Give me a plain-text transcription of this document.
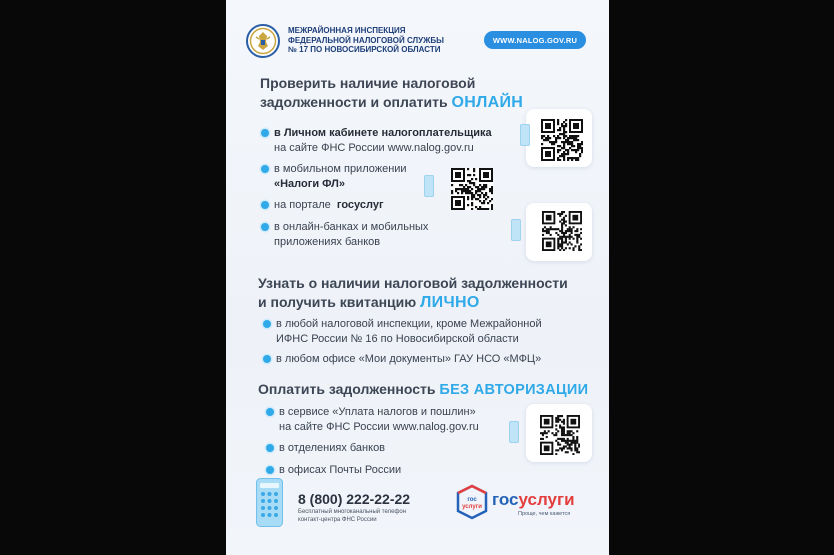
МЕЖРАЙОННАЯ ИНСПЕКЦИЯ
ФЕДЕРАЛЬНОЙ НАЛОГОВОЙ СЛУЖБЫ
№ 17 ПО НОВОСИБИРСКОЙ ОБЛАСТИ
WWW.NALOG.GOV.RU
Проверить наличие налоговой
задолженности и оплатить ОНЛАЙН
в Личном кабинете налогоплательщика
на сайте ФНС России www.nalog.gov.ru
в мобильном приложении
«Налоги ФЛ»
на портале госуслуг
в онлайн-банках и мобильных
приложениях банков
Узнать о наличии налоговой задолженности
и получить квитанцию ЛИЧНО
в любой налоговой инспекции, кроме Межрайонной
ИФНС России № 16 по Новосибирской области
в любом офисе «Мои документы» ГАУ НСО «МФЦ»
Оплатить задолженность БЕЗ АВТОРИЗАЦИИ
в сервисе «Уплата налогов и пошлин»
на сайте ФНС России www.nalog.gov.ru
в отделениях банков
в офисах Почты России
8 (800) 222-22-22
Бесплатный многоканальный телефон
контакт-центра ФНС России
гос
услуги госуслуги
Проще, чем кажется
